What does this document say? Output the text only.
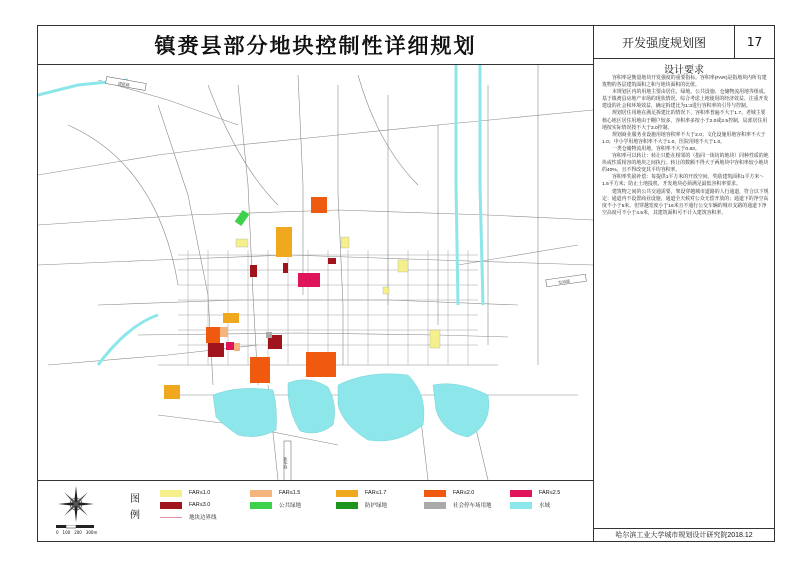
镇赉县部分地块控制性详细规划	开发强度规划图	17
设计要求

容积率是衡量地块开发强度的重要指标。容积率(FAR)是指地块内所有建筑物的各层建筑面积之和与地块面积的比值。

本规划区内的用地主要由居住、绿地、公共设施、仓储物流用地等组成。基于镇赉县房地产市场的现状情况，综合考虑土地使用的经济效益、注重开发建设的社会和环境效益，确定拆建比为1:3进行容积率的引导与控制。

规划居住用地在满足拆建比的情况下，容积率普遍不大于1.7。老城主要核心地区居住用地由于棚户较多，容积率多按小于2.0或2.5控制，局部居住用地按实际情况按不大于3.0控制。

规划商业服务业设施用地容积率不大于2.0；文化设施用地容积率不大于1.0；中小学用地容积率不大于1.0，医院用地不大于1.0。

一类仓储物流用地，容积率不大于0.83。

容积率可以转让：转让只能在相邻的（指同一街坊的地块）同种性质的地块或性质相容的地块之间执行。转让的数额不得大于两地块中容积率较小地块的40%，且不得改变其平均容积率。

容积率奖励补偿：每提供1平方米的开放空间，奖励建筑面积1平方米～1.5平方米；防止土地投机，开发地块必须满足最低容积率要求。

建筑物之间的公共交通需要，架设穿越城市道路的人行通道，符合以下规定：通道内不设置商业设施，通道全天候对公众无偿开放的；通道下的净空高度不小于5米。但穿越宽度小于16米且不通行公交车辆的城市支路的通道下净空高度可不小于4.5米，其建筑面积可不计入建筑容积率。

哈尔滨工业大学城市规划设计研究院2018.12
建新路
发展路
新华路
0 100 200 300m
图例
FAR≤1.0	FAR≤1.5	FAR≤1.7	FAR≤2.0	FAR≤2.5
FAR≤3.0	公共绿地	防护绿地	社会停车场用地	水域
地块边界线
